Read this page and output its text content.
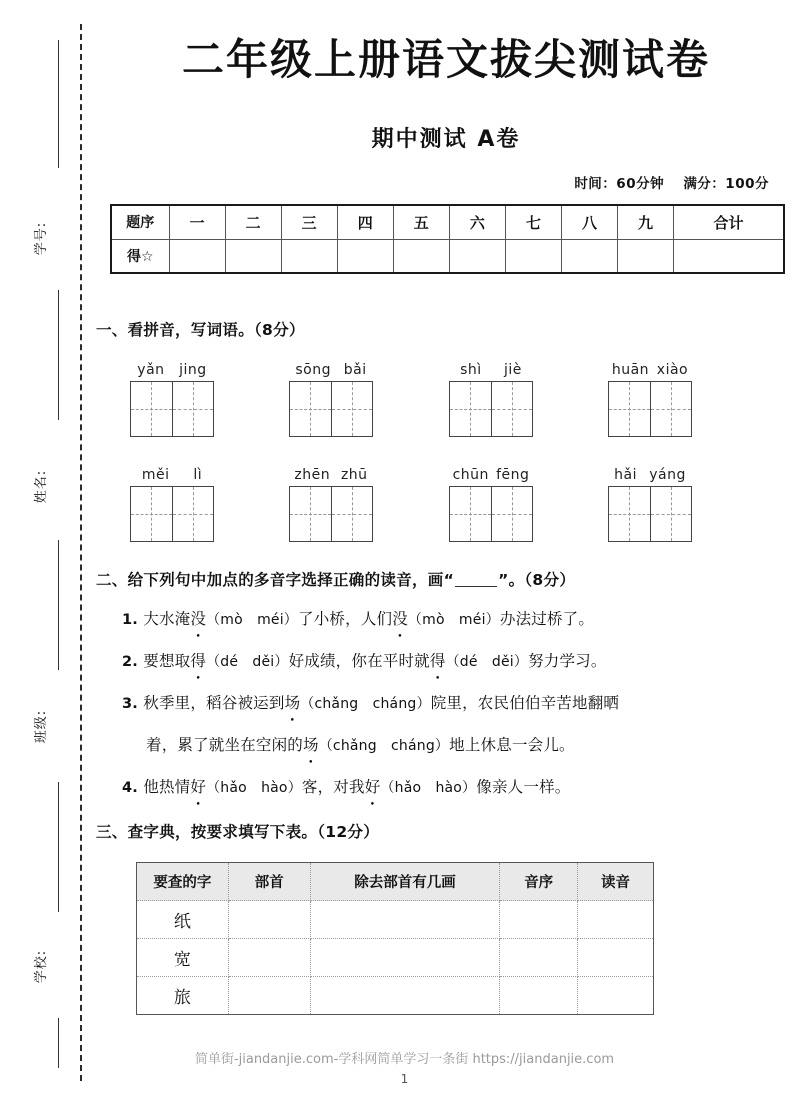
学号:
姓名:
班级:
学校:
二年级上册语文拔尖测试卷
期中测试 A卷
时间：60分钟 满分：100分
题序	一	二	三	四	五	六	七	八	九	合计
得☆										
一、看拼音，写词语。（8分）
yǎn jing	sōng bǎi	shì jiè	huān xiào
měi lì	zhēn zhū	chūn fēng	hǎi yáng
二、给下列句中加点的多音字选择正确的读音，画“	”。（8分）
1. 大水淹没（mò　méi）了小桥，人们没（mò　méi）办法过桥了。
2. 要想取得（dé　děi）好成绩，你在平时就得（dé　děi）努力学习。
3. 秋季里，稻谷被运到场（chǎng　cháng）院里，农民伯伯辛苦地翻晒
着，累了就坐在空闲的场（chǎng　cháng）地上休息一会儿。
4. 他热情好（hǎo　hào）客，对我好（hǎo　hào）像亲人一样。
三、查字典，按要求填写下表。（12分）
要查的字	部首	除去部首有几画	音序	读音
纸				
宽				
旅				
简单街-jiandanjie.com-学科网简单学习一条街 https://jiandanjie.com
1
